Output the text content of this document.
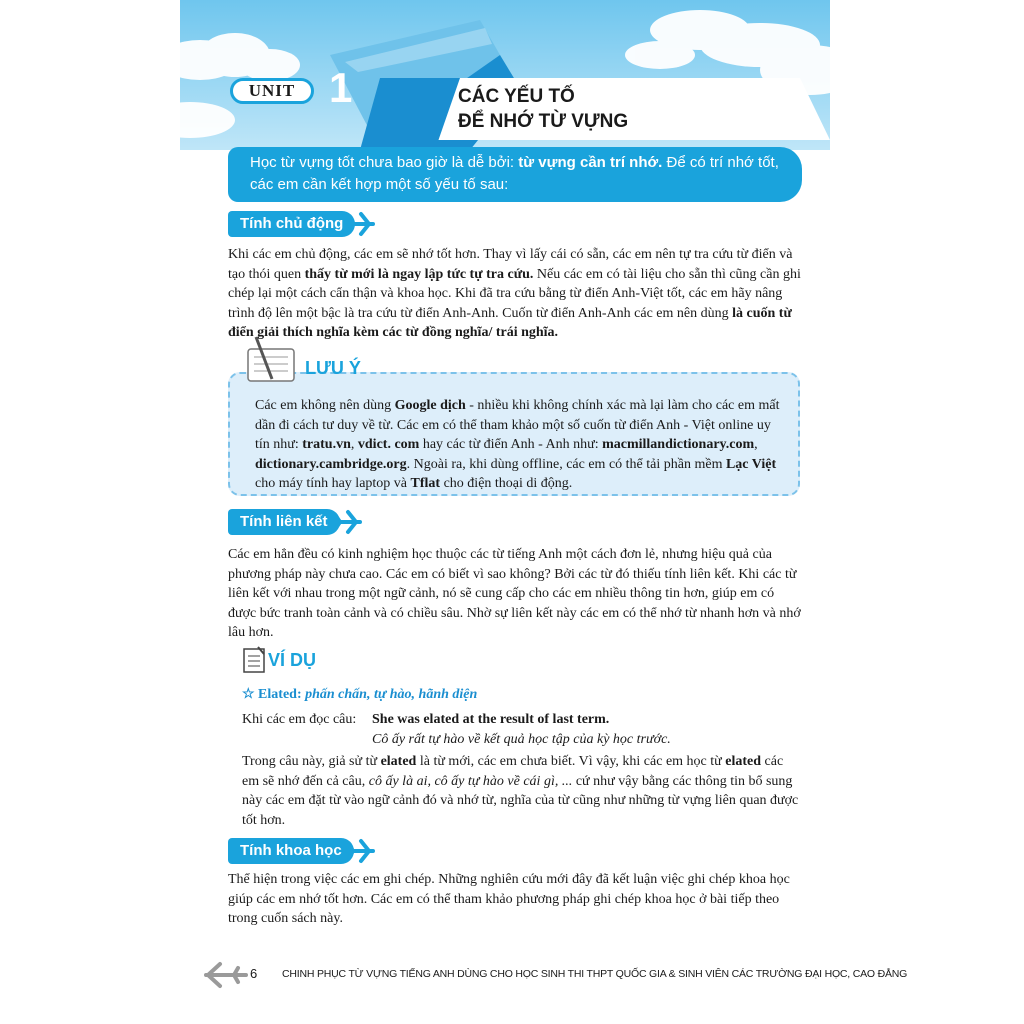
UNIT 1	CÁC YẾU TỐ
ĐỂ NHỚ TỪ VỰNG
Học từ vựng tốt chưa bao giờ là dễ bởi: từ vựng cần trí nhớ. Để có trí nhớ tốt, các em cần kết hợp một số yếu tố sau:
Tính chủ động
Khi các em chủ động, các em sẽ nhớ tốt hơn. Thay vì lấy cái có sẵn, các em nên tự tra cứu từ điển và tạo thói quen thấy từ mới là ngay lập tức tự tra cứu. Nếu các em có tài liệu cho sẵn thì cũng cần ghi chép lại một cách cẩn thận và khoa học. Khi đã tra cứu bằng từ điển Anh-Việt tốt, các em hãy nâng trình độ lên một bậc là tra cứu từ điển Anh-Anh. Cuốn từ điển Anh-Anh các em nên dùng là cuốn từ điển giải thích nghĩa kèm các từ đồng nghĩa/ trái nghĩa.
LƯU Ý
Các em không nên dùng Google dịch - nhiều khi không chính xác mà lại làm cho các em mất dần đi cách tư duy về từ. Các em có thể tham khảo một số cuốn từ điển Anh - Việt online uy tín như: tratu.vn, vdict. com hay các từ điển Anh - Anh như: macmillandictionary.com, dictionary.cambridge.org. Ngoài ra, khi dùng offline, các em có thể tải phần mềm Lạc Việt cho máy tính hay laptop và Tflat cho điện thoại di động.
Tính liên kết
Các em hẳn đều có kinh nghiệm học thuộc các từ tiếng Anh một cách đơn lẻ, nhưng hiệu quả của phương pháp này chưa cao. Các em có biết vì sao không? Bởi các từ đó thiếu tính liên kết. Khi các từ liên kết với nhau trong một ngữ cảnh, nó sẽ cung cấp cho các em nhiều thông tin hơn, giúp em có được bức tranh toàn cảnh và có chiều sâu. Nhờ sự liên kết này các em có thể nhớ từ nhanh hơn và nhớ lâu hơn.
VÍ DỤ
☆ Elated: phấn chấn, tự hào, hãnh diện
Khi các em đọc câu:	She was elated at the result of last term.
Cô ấy rất tự hào về kết quả học tập của kỳ học trước.
Trong câu này, giả sử từ elated là từ mới, các em chưa biết. Vì vậy, khi các em học từ elated các em sẽ nhớ đến cả câu, cô ấy là ai, cô ấy tự hào về cái gì, ... cứ như vậy bằng các thông tin bổ sung này các em đặt từ vào ngữ cảnh đó và nhớ từ, nghĩa của từ cũng như những từ vựng liên quan được tốt hơn.
Tính khoa học
Thể hiện trong việc các em ghi chép. Những nghiên cứu mới đây đã kết luận việc ghi chép khoa học giúp các em nhớ tốt hơn. Các em có thể tham khảo phương pháp ghi chép khoa học ở bài tiếp theo trong cuốn sách này.
6 CHINH PHỤC TỪ VỰNG TIẾNG ANH DÙNG CHO HỌC SINH THI THPT QUỐC GIA & SINH VIÊN CÁC TRƯỜNG ĐẠI HỌC, CAO ĐẲNG
